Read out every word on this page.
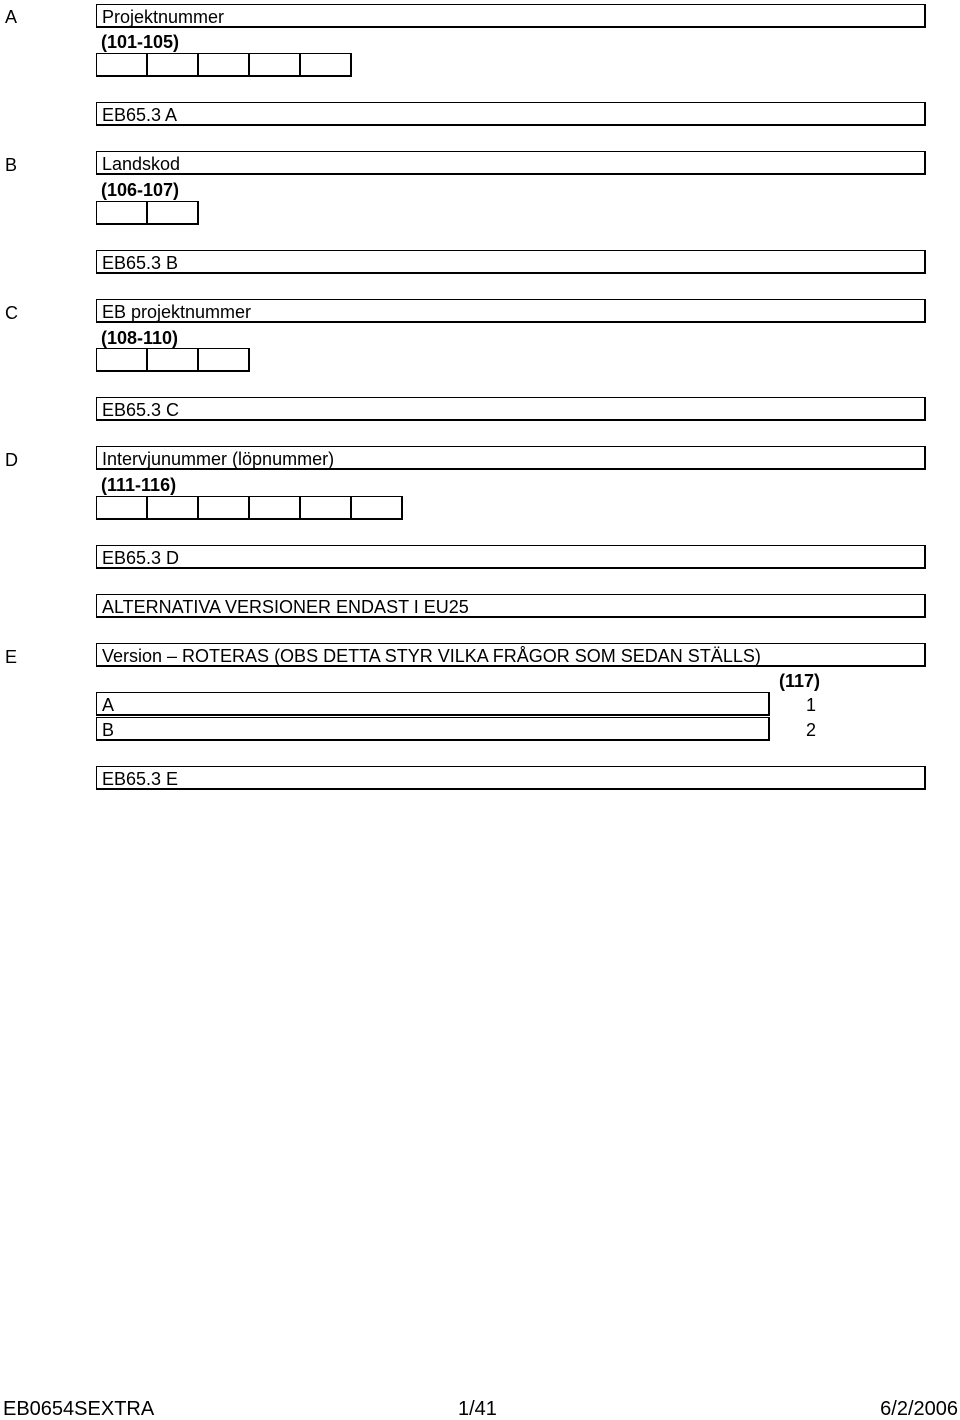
A	Projektnummer
(101-105)
EB65.3 A
B	Landskod
(106-107)
EB65.3 B
C	EB projektnummer
(108-110)
EB65.3 C
D	Intervjunummer (löpnummer)
(111-116)
EB65.3 D
ALTERNATIVA VERSIONER ENDAST I EU25
E	Version – ROTERAS (OBS DETTA STYR VILKA FRÅGOR SOM SEDAN STÄLLS)
(117)
A	1
B	2
EB65.3 E
EB0654SEXTRA	1/41	6/2/2006
